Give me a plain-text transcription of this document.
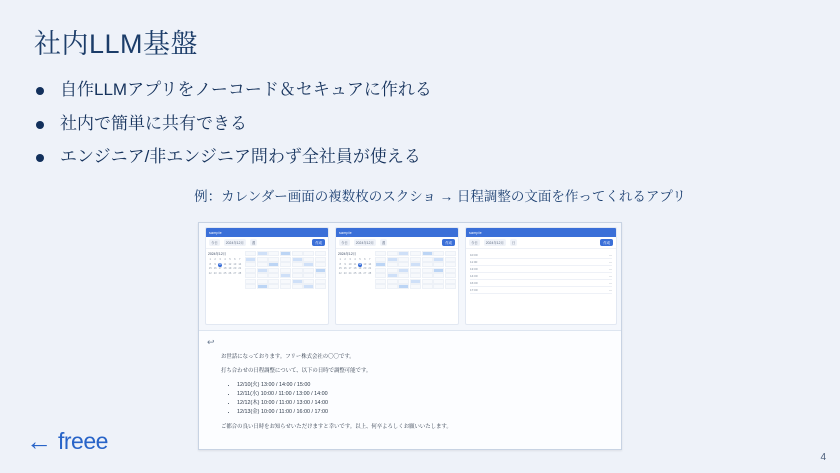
社内LLM基盤
自作LLMアプリをノーコード＆セキュアに作れる
社内で簡単に共有できる
エンジニア/非エンジニア問わず全社員が使える
例：カレンダー画面の複数枚のスクショ → 日程調整の文面を作ってくれるアプリ
sample
今日	2024年12月	週	作成
2024年12月
1	2	3	4	5	6	7
8	9	10 11 12 13 14
15 16 17 18 19 20 21
22 23 24 25 26 27 28
sample
今日	2024年12月	週	作成
2024年12月
1	2	3	4	5	6	7
8	9	10 11 12 13 14
15 16 17 18 19 20 21
22 23 24 25 26 27 28
sample
今日	2024年12月	日	作成
10:00	―
11:00	―
13:00	―
14:00	―
16:00	―
17:00	―
↩

お世話になっております。フリー株式会社の〇〇です。

打ち合わせの日程調整について、以下の日時で調整可能です。

• 12/10(火) 13:00 / 14:00 / 15:00
• 12/11(水) 10:00 / 11:00 / 13:00 / 14:00
• 12/12(木) 10:00 / 11:00 / 13:00 / 14:00
• 12/13(金) 10:00 / 11:00 / 16:00 / 17:00

ご都合の良い日時をお知らせいただけますと幸いです。以上、何卒よろしくお願いいたします。

← freee
4
